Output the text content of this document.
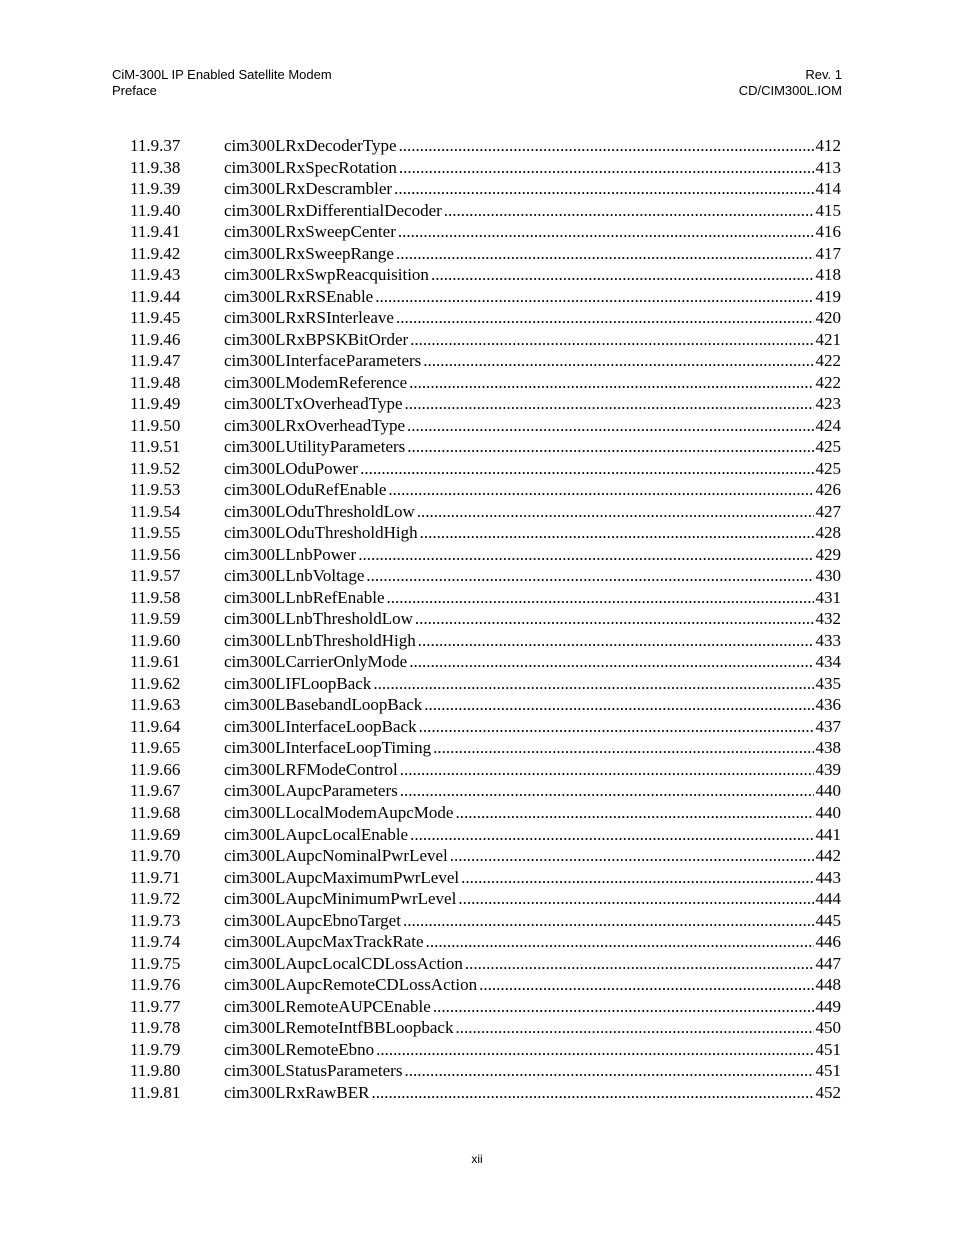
CiM-300L IP Enabled Satellite Modem
Preface
Rev. 1
CD/CIM300L.IOM
11.9.37	cim300LRxDecoderType .....	412
11.9.38	cim300LRxSpecRotation .....	413
11.9.39	cim300LRxDescrambler .....	414
11.9.40	cim300LRxDifferentialDecoder .....	415
11.9.41	cim300LRxSweepCenter .....	416
11.9.42	cim300LRxSweepRange .....	417
11.9.43	cim300LRxSwpReacquisition .....	418
11.9.44	cim300LRxRSEnable .....	419
11.9.45	cim300LRxRSInterleave .....	420
11.9.46	cim300LRxBPSKBitOrder .....	421
11.9.47	cim300LInterfaceParameters .....	422
11.9.48	cim300LModemReference .....	422
11.9.49	cim300LTxOverheadType .....	423
11.9.50	cim300LRxOverheadType .....	424
11.9.51	cim300LUtilityParameters .....	425
11.9.52	cim300LOduPower .....	425
11.9.53	cim300LOduRefEnable .....	426
11.9.54	cim300LOduThresholdLow .....	427
11.9.55	cim300LOduThresholdHigh .....	428
11.9.56	cim300LLnbPower .....	429
11.9.57	cim300LLnbVoltage .....	430
11.9.58	cim300LLnbRefEnable .....	431
11.9.59	cim300LLnbThresholdLow .....	432
11.9.60	cim300LLnbThresholdHigh .....	433
11.9.61	cim300LCarrierOnlyMode .....	434
11.9.62	cim300LIFLoopBack .....	435
11.9.63	cim300LBasebandLoopBack .....	436
11.9.64	cim300LInterfaceLoopBack .....	437
11.9.65	cim300LInterfaceLoopTiming .....	438
11.9.66	cim300LRFModeControl .....	439
11.9.67	cim300LAupcParameters .....	440
11.9.68	cim300LLocalModemAupcMode .....	440
11.9.69	cim300LAupcLocalEnable .....	441
11.9.70	cim300LAupcNominalPwrLevel .....	442
11.9.71	cim300LAupcMaximumPwrLevel .....	443
11.9.72	cim300LAupcMinimumPwrLevel .....	444
11.9.73	cim300LAupcEbnoTarget .....	445
11.9.74	cim300LAupcMaxTrackRate .....	446
11.9.75	cim300LAupcLocalCDLossAction .....	447
11.9.76	cim300LAupcRemoteCDLossAction .....	448
11.9.77	cim300LRemoteAUPCEnable .....	449
11.9.78	cim300LRemoteIntfBBLoopback .....	450
11.9.79	cim300LRemoteEbno .....	451
11.9.80	cim300LStatusParameters .....	451
11.9.81	cim300LRxRawBER .....	452
xii
